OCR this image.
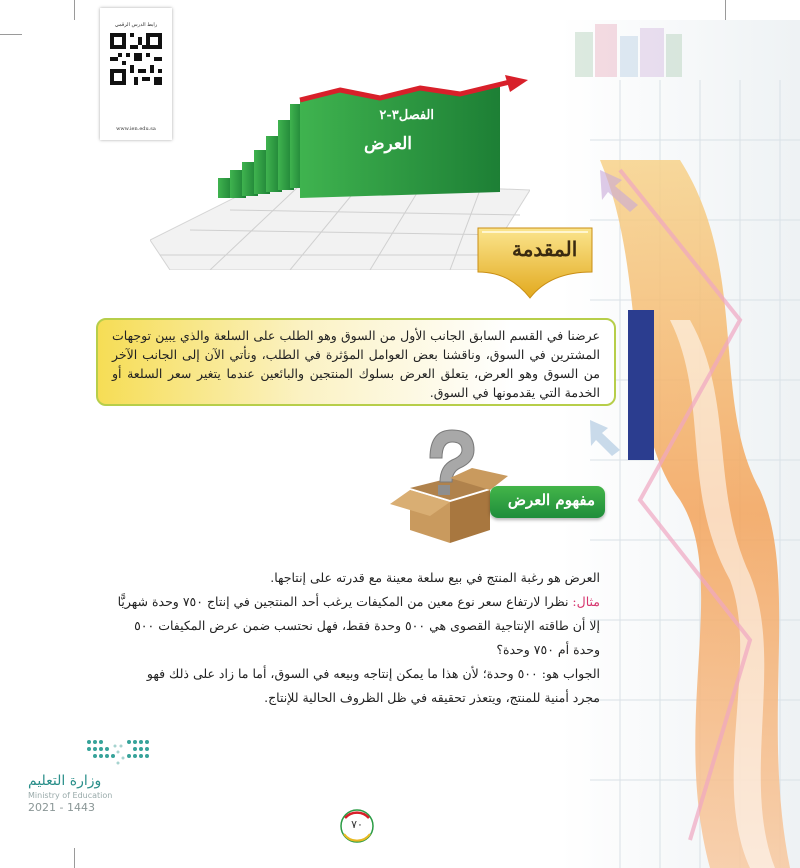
رابط الدرس الرقمي
www.ien.edu.sa
الفصل٣-٢
العرض
المقدمة
عرضنا في القسم السابق الجانب الأول من السوق وهو الطلب على السلعة والذي يبين توجهات المشترين في السوق، وناقشنا بعض العوامل المؤثرة في الطلب، ونأتي الآن إلى الجانب الآخر من السوق وهو العرض، يتعلق العرض بسلوك المنتجين والبائعين عندما يتغير سعر السلعة أو الخدمة التي يقدمونها في السوق.
مفهوم العرض
العرض هو رغبة المنتج في بيع سلعة معينة مع قدرته على إنتاجها.
مثال: نظرا لارتفاع سعر نوع معين من المكيفات يرغب أحد المنتجين في إنتاج ٧٥٠ وحدة شهريًّا
إلا أن طاقته الإنتاجية القصوى هي ٥٠٠ وحدة فقط، فهل نحتسب ضمن عرض المكيفات ٥٠٠
وحدة أم ٧٥٠ وحدة؟
الجواب هو: ٥٠٠ وحدة؛ لأن هذا ما يمكن إنتاجه وبيعه في السوق، أما ما زاد على ذلك فهو
مجرد أمنية للمنتج، ويتعذر تحقيقه في ظل الظروف الحالية للإنتاج.
وزارة التعليم
Ministry of Education
2021 - 1443
٧٠
